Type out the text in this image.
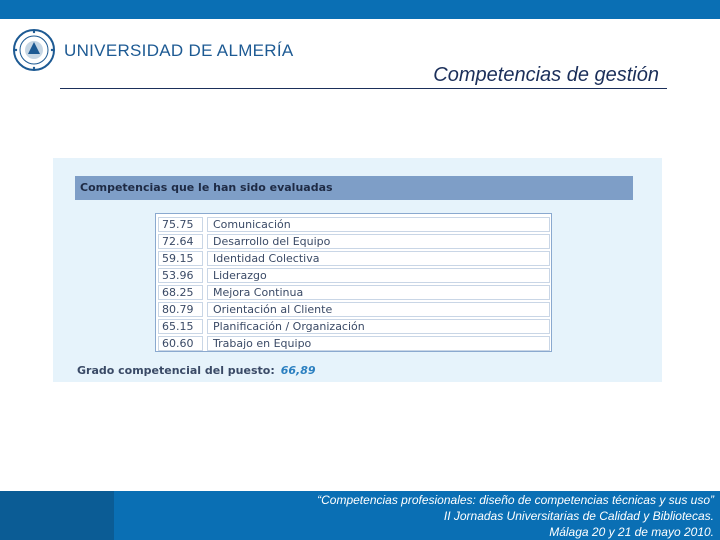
UNIVERSIDAD DE ALMERÍA
Competencias de gestión
Competencias que le han sido evaluadas
75.75	Comunicación
72.64	Desarrollo del Equipo
59.15	Identidad Colectiva
53.96	Liderazgo
68.25	Mejora Continua
80.79	Orientación al Cliente
65.15	Planificación / Organización
60.60	Trabajo en Equipo
Grado competencial del puesto: 66,89
“Competencias profesionales: diseño de competencias técnicas y sus uso”
II Jornadas Universitarias de Calidad y Bibliotecas.
Málaga 20 y 21 de mayo 2010.
